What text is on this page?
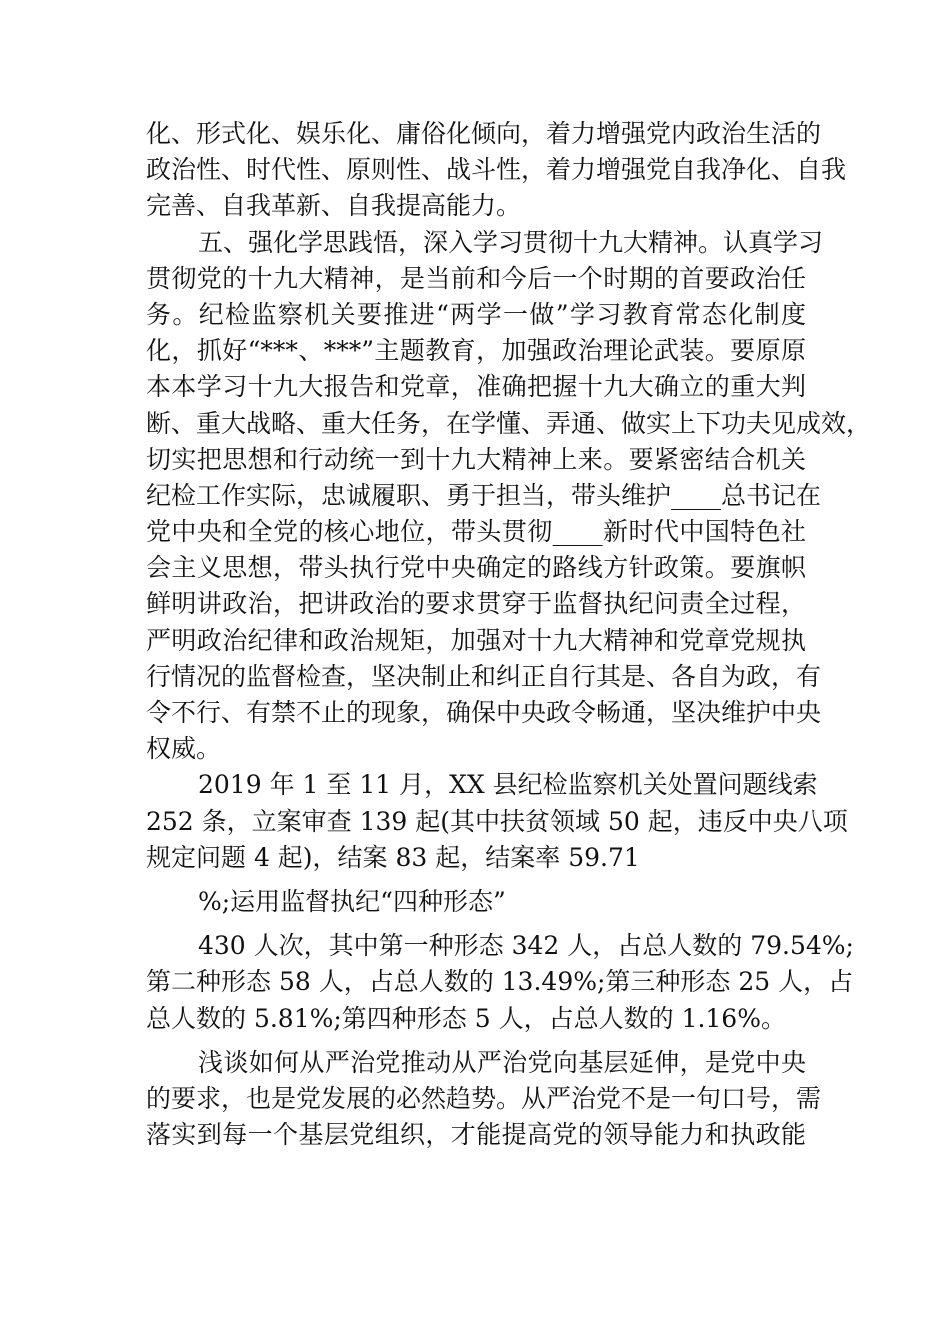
化、形式化、娱乐化、庸俗化倾向，着力增强党内政治生活的
政治性、时代性、原则性、战斗性，着力增强党自我净化、自我
完善、自我革新、自我提高能力。
五、强化学思践悟，深入学习贯彻十九大精神。认真学习
贯彻党的十九大精神，是当前和今后一个时期的首要政治任
务。纪检监察机关要推进“两学一做”学习教育常态化制度
化，抓好“***、***”主题教育，加强政治理论武装。要原原
本本学习十九大报告和党章，准确把握十九大确立的重大判
断、重大战略、重大任务，在学懂、弄通、做实上下功夫见成效，
切实把思想和行动统一到十九大精神上来。要紧密结合机关
纪检工作实际，忠诚履职、勇于担当，带头维护____总书记在
党中央和全党的核心地位，带头贯彻____新时代中国特色社
会主义思想，带头执行党中央确定的路线方针政策。要旗帜
鲜明讲政治，把讲政治的要求贯穿于监督执纪问责全过程，
严明政治纪律和政治规矩，加强对十九大精神和党章党规执
行情况的监督检查，坚决制止和纠正自行其是、各自为政，有
令不行、有禁不止的现象，确保中央政令畅通，坚决维护中央
权威。
2019 年 1 至 11 月，XX 县纪检监察机关处置问题线索
252 条，立案审查 139 起(其中扶贫领域 50 起，违反中央八项
规定问题 4 起)，结案 83 起，结案率 59.71
%;运用监督执纪“四种形态”
430 人次，其中第一种形态 342 人，占总人数的 79.54%;
第二种形态 58 人，占总人数的 13.49%;第三种形态 25 人，占
总人数的 5.81%;第四种形态 5 人，占总人数的 1.16%。
浅谈如何从严治党推动从严治党向基层延伸，是党中央
的要求，也是党发展的必然趋势。从严治党不是一句口号，需
落实到每一个基层党组织，才能提高党的领导能力和执政能
